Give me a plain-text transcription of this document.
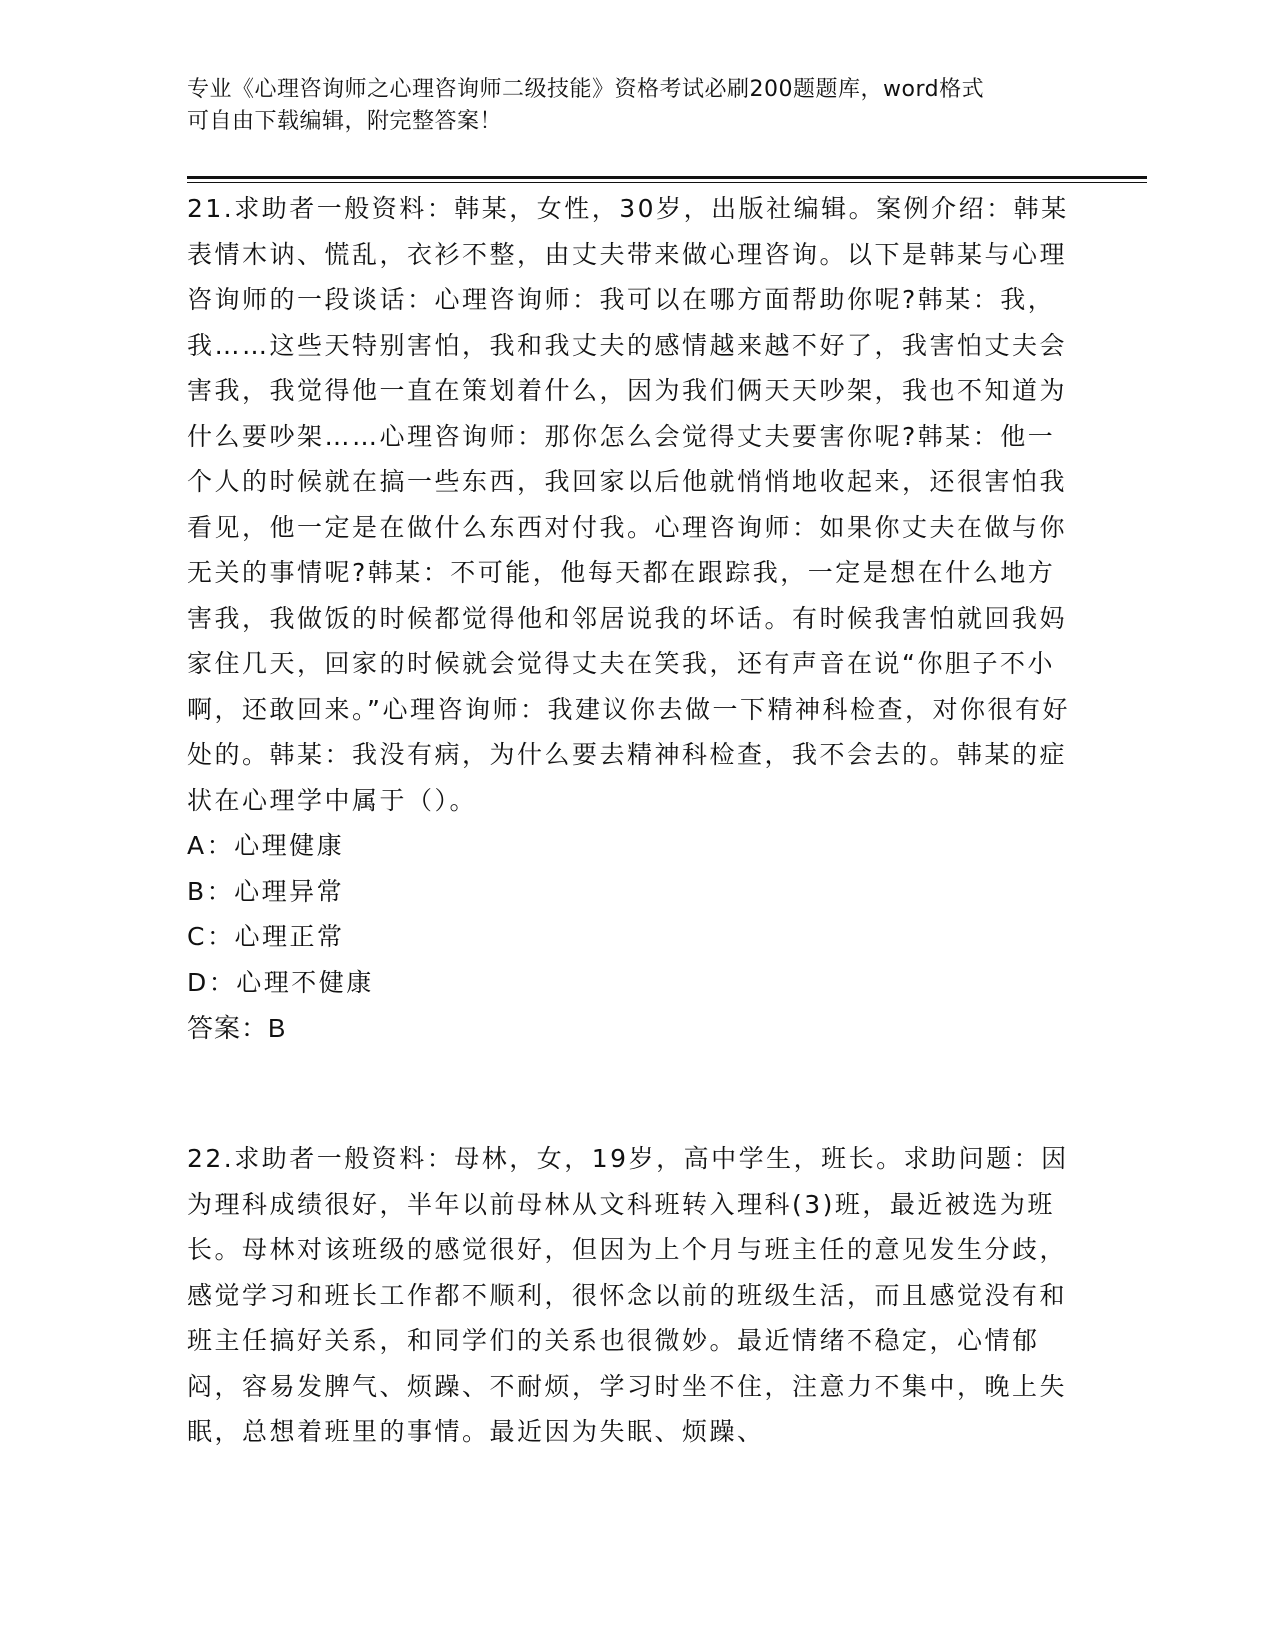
专业《心理咨询师之心理咨询师二级技能》资格考试必刷200题题库，word格式
可自由下载编辑，附完整答案！
21.求助者一般资料：韩某，女性，30岁，出版社编辑。案例介绍：韩某表情木讷、慌乱，衣衫不整，由丈夫带来做心理咨询。以下是韩某与心理咨询师的一段谈话：心理咨询师：我可以在哪方面帮助你呢?韩某：我，我……这些天特别害怕，我和我丈夫的感情越来越不好了，我害怕丈夫会害我，我觉得他一直在策划着什么，因为我们俩天天吵架，我也不知道为什么要吵架……心理咨询师：那你怎么会觉得丈夫要害你呢?韩某：他一个人的时候就在搞一些东西，我回家以后他就悄悄地收起来，还很害怕我看见，他一定是在做什么东西对付我。心理咨询师：如果你丈夫在做与你无关的事情呢?韩某：不可能，他每天都在跟踪我，一定是想在什么地方害我，我做饭的时候都觉得他和邻居说我的坏话。有时候我害怕就回我妈家住几天，回家的时候就会觉得丈夫在笑我，还有声音在说“你胆子不小啊，还敢回来。”心理咨询师：我建议你去做一下精神科检查，对你很有好处的。韩某：我没有病，为什么要去精神科检查，我不会去的。韩某的症状在心理学中属于（）。
A：心理健康
B：心理异常
C：心理正常
D：心理不健康
答案：B
22.求助者一般资料：母林，女，19岁，高中学生，班长。求助问题：因为理科成绩很好，半年以前母林从文科班转入理科(3)班，最近被选为班长。母林对该班级的感觉很好，但因为上个月与班主任的意见发生分歧，感觉学习和班长工作都不顺利，很怀念以前的班级生活，而且感觉没有和班主任搞好关系，和同学们的关系也很微妙。最近情绪不稳定，心情郁闷，容易发脾气、烦躁、不耐烦，学习时坐不住，注意力不集中，晚上失眠，总想着班里的事情。最近因为失眠、烦躁、
